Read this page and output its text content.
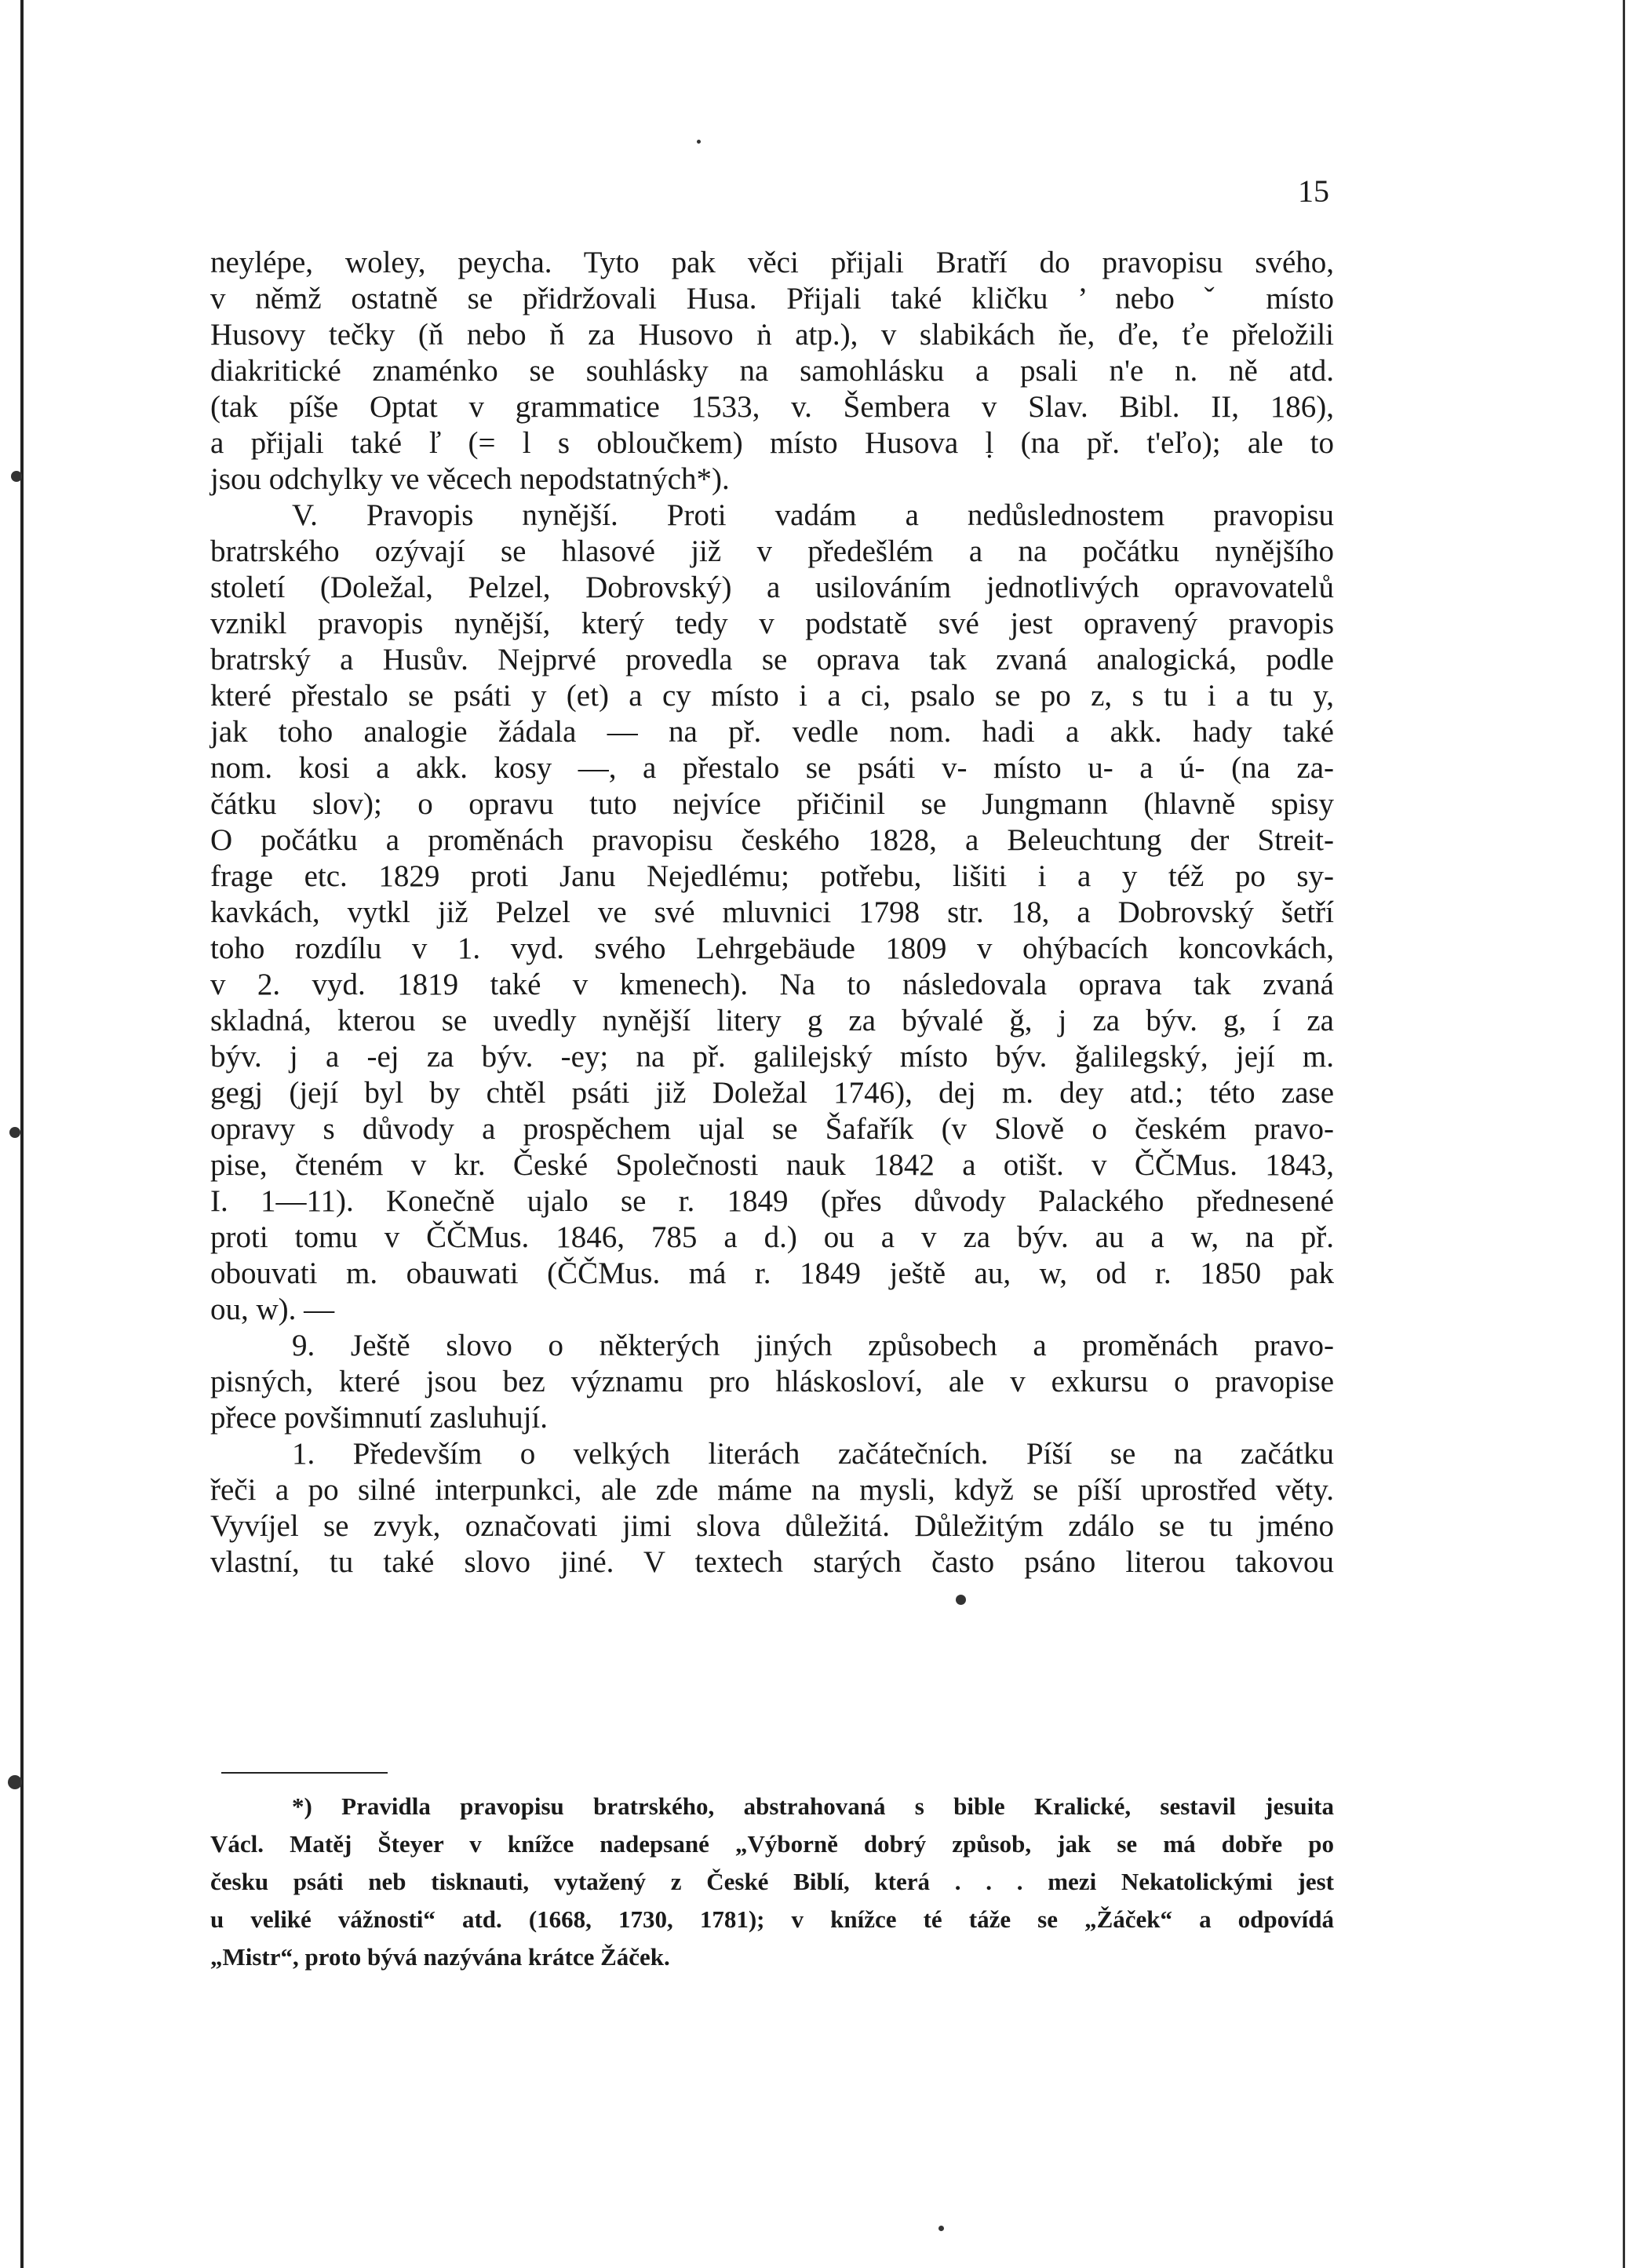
15
neylépe, woley, peycha. Tyto pak věci přijali Bratří do pravopisu svého,
v němž ostatně se přidržovali Husa. Přijali také kličku ’ nebo ˇ místo
Husovy tečky (ň nebo ň za Husovo ṅ atp.), v slabikách ňe, ďe, ťe přeložili
diakritické znaménko se souhlásky na samohlásku a psali n'e n. ně atd.
(tak píše Optat v grammatice 1533, v. Šembera v Slav. Bibl. II, 186),
a přijali také ľ (= l s obloučkem) místo Husova ḷ (na př. t'eľo); ale to
jsou odchylky ve věcech nepodstatných*).
V. Pravopis nynější. Proti vadám a nedůslednostem pravopisu
bratrského ozývají se hlasové již v předešlém a na počátku nynějšího
století (Doležal, Pelzel, Dobrovský) a usilováním jednotlivých opravovatelů
vznikl pravopis nynější, který tedy v podstatě své jest opravený pravopis
bratrský a Husův. Nejprvé provedla se oprava tak zvaná analogická, podle
které přestalo se psáti y (et) a cy místo i a ci, psalo se po z, s tu i a tu y,
jak toho analogie žádala — na př. vedle nom. hadi a akk. hady také
nom. kosi a akk. kosy —, a přestalo se psáti v- místo u- a ú- (na za-
čátku slov); o opravu tuto nejvíce přičinil se Jungmann (hlavně spisy
O počátku a proměnách pravopisu českého 1828, a Beleuchtung der Streit-
frage etc. 1829 proti Janu Nejedlému; potřebu, lišiti i a y též po sy-
kavkách, vytkl již Pelzel ve své mluvnici 1798 str. 18, a Dobrovský šetří
toho rozdílu v 1. vyd. svého Lehrgebäude 1809 v ohýbacích koncovkách,
v 2. vyd. 1819 také v kmenech). Na to následovala oprava tak zvaná
skladná, kterou se uvedly nynější litery g za bývalé ǧ, j za býv. g, í za
býv. j a -ej za býv. -ey; na př. galilejský místo býv. ǧalilegský, její m.
gegj (její byl by chtěl psáti již Doležal 1746), dej m. dey atd.; této zase
opravy s důvody a prospěchem ujal se Šafařík (v Slově o českém pravo-
pise, čteném v kr. České Společnosti nauk 1842 a otišt. v ČČMus. 1843,
I. 1—11). Konečně ujalo se r. 1849 (přes důvody Palackého přednesené
proti tomu v ČČMus. 1846, 785 a d.) ou a v za býv. au a w, na př.
obouvati m. obauwati (ČČMus. má r. 1849 ještě au, w, od r. 1850 pak
ou, w). —
9. Ještě slovo o některých jiných způsobech a proměnách pravo-
pisných, které jsou bez významu pro hláskosloví, ale v exkursu o pravopise
přece povšimnutí zasluhují.
1. Především o velkých literách začátečních. Píší se na začátku
řeči a po silné interpunkci, ale zde máme na mysli, když se píší uprostřed věty.
Vyvíjel se zvyk, označovati jimi slova důležitá. Důležitým zdálo se tu jméno
vlastní, tu také slovo jiné. V textech starých často psáno literou takovou
*) Pravidla pravopisu bratrského, abstrahovaná s bible Kralické, sestavil jesuita
Václ. Matěj Šteyer v knížce nadepsané „Výborně dobrý způsob, jak se má dobře po
česku psáti neb tisknauti, vytažený z České Biblí, která . . . mezi Nekatolickými jest
u veliké vážnosti“ atd. (1668, 1730, 1781); v knížce té táže se „Žáček“ a odpovídá
„Mistr“, proto bývá nazývána krátce Žáček.
